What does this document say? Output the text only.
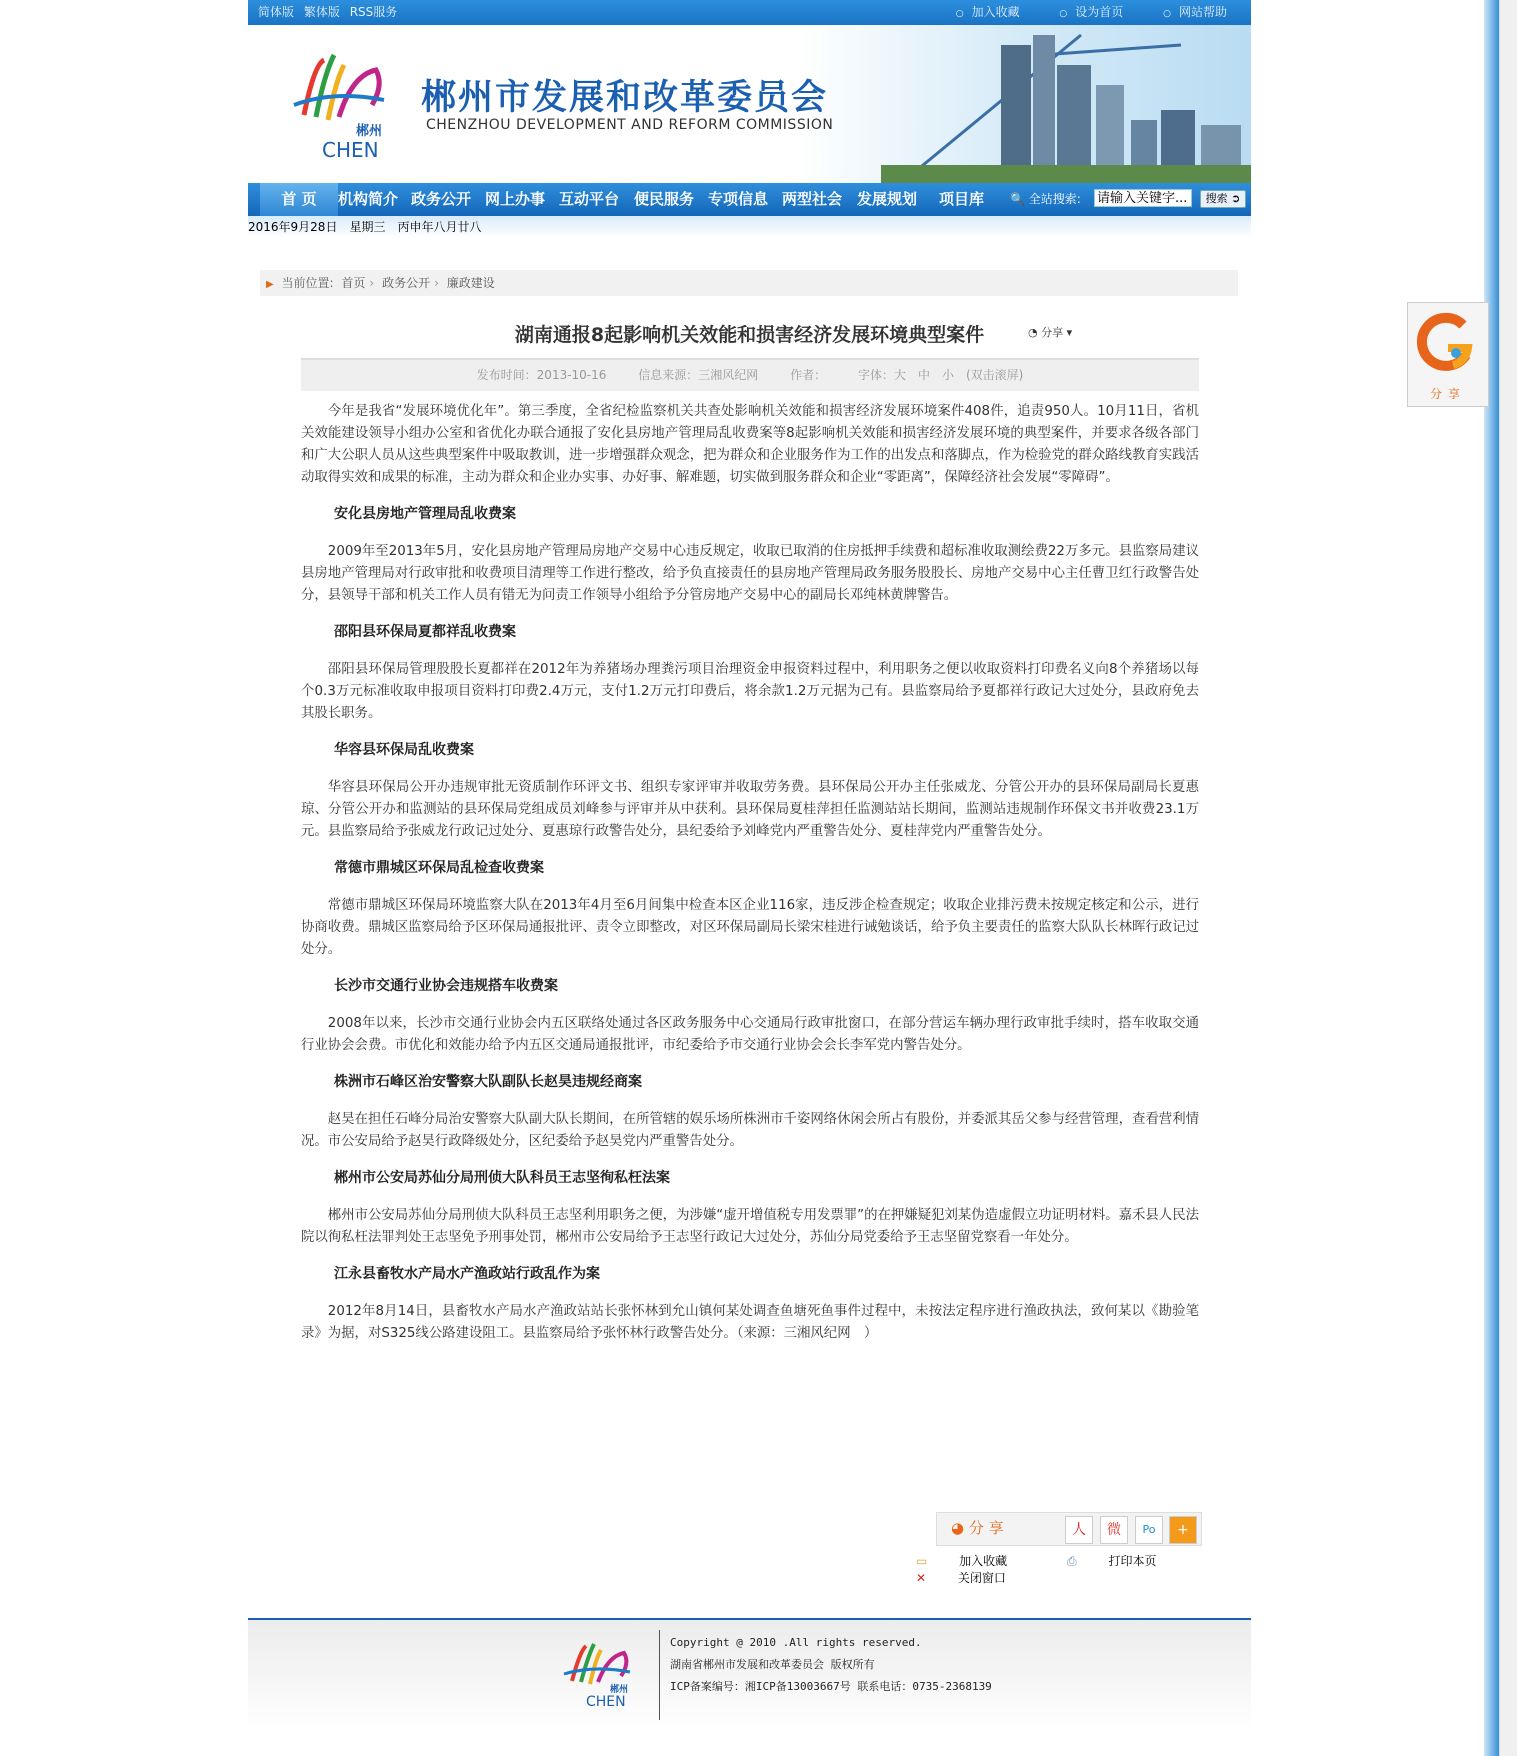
简体版 繁体版 RSS服务	○ 加入收藏	○ 设为首页	○ 网站帮助
郴州
CHEN
郴州市发展和改革委员会
CHENZHOU DEVELOPMENT AND REFORM COMMISSION
首 页	机构简介 政务公开 网上办事 互动平台 便民服务 专项信息 两型社会 发展规划 项目库 🔍 全站搜索: 请输入关键字...	搜索 ➲
2016年9月28日　星期三　丙申年八月廿八
▶ 当前位置: 首页 › 政务公开 › 廉政建设
湖南通报8起影响机关效能和损害经济发展环境典型案件	◔ 分享 ▾
发布时间：2013-10-16	信息来源：三湘风纪网	作者：	字体：大　中　小　(双击滚屏)

今年是我省“发展环境优化年”。第三季度，全省纪检监察机关共查处影响机关效能和损害经济发展环境案件408件，追责950人。10月11日，省机关效能建设领导小组办公室和省优化办联合通报了安化县房地产管理局乱收费案等8起影响机关效能和损害经济发展环境的典型案件，并要求各级各部门和广大公职人员从这些典型案件中吸取教训，进一步增强群众观念，把为群众和企业服务作为工作的出发点和落脚点，作为检验党的群众路线教育实践活动取得实效和成果的标准，主动为群众和企业办实事、办好事、解难题，切实做到服务群众和企业“零距离”，保障经济社会发展“零障碍”。

安化县房地产管理局乱收费案

2009年至2013年5月，安化县房地产管理局房地产交易中心违反规定，收取已取消的住房抵押手续费和超标准收取测绘费22万多元。县监察局建议县房地产管理局对行政审批和收费项目清理等工作进行整改，给予负直接责任的县房地产管理局政务服务股股长、房地产交易中心主任曹卫红行政警告处分，县领导干部和机关工作人员有错无为问责工作领导小组给予分管房地产交易中心的副局长邓纯林黄牌警告。

邵阳县环保局夏都祥乱收费案

邵阳县环保局管理股股长夏都祥在2012年为养猪场办理粪污项目治理资金申报资料过程中，利用职务之便以收取资料打印费名义向8个养猪场以每个0.3万元标准收取申报项目资料打印费2.4万元，支付1.2万元打印费后，将余款1.2万元据为己有。县监察局给予夏都祥行政记大过处分，县政府免去其股长职务。

华容县环保局乱收费案

华容县环保局公开办违规审批无资质制作环评文书、组织专家评审并收取劳务费。县环保局公开办主任张威龙、分管公开办的县环保局副局长夏惠琼、分管公开办和监测站的县环保局党组成员刘峰参与评审并从中获利。县环保局夏桂萍担任监测站站长期间，监测站违规制作环保文书并收费23.1万元。县监察局给予张威龙行政记过处分、夏惠琼行政警告处分，县纪委给予刘峰党内严重警告处分、夏桂萍党内严重警告处分。

常德市鼎城区环保局乱检查收费案

常德市鼎城区环保局环境监察大队在2013年4月至6月间集中检查本区企业116家，违反涉企检查规定；收取企业排污费未按规定核定和公示，进行协商收费。鼎城区监察局给予区环保局通报批评、责令立即整改，对区环保局副局长梁宋桂进行诫勉谈话，给予负主要责任的监察大队队长林晖行政记过处分。

长沙市交通行业协会违规搭车收费案

2008年以来，长沙市交通行业协会内五区联络处通过各区政务服务中心交通局行政审批窗口，在部分营运车辆办理行政审批手续时，搭车收取交通行业协会会费。市优化和效能办给予内五区交通局通报批评，市纪委给予市交通行业协会会长李军党内警告处分。

株洲市石峰区治安警察大队副队长赵昊违规经商案

赵昊在担任石峰分局治安警察大队副大队长期间，在所管辖的娱乐场所株洲市千姿网络休闲会所占有股份，并委派其岳父参与经营管理，查看营利情况。市公安局给予赵昊行政降级处分，区纪委给予赵昊党内严重警告处分。

郴州市公安局苏仙分局刑侦大队科员王志坚徇私枉法案

郴州市公安局苏仙分局刑侦大队科员王志坚利用职务之便，为涉嫌“虚开增值税专用发票罪”的在押嫌疑犯刘某伪造虚假立功证明材料。嘉禾县人民法院以徇私枉法罪判处王志坚免予刑事处罚，郴州市公安局给予王志坚行政记大过处分，苏仙分局党委给予王志坚留党察看一年处分。

江永县畜牧水产局水产渔政站行政乱作为案

2012年8月14日，县畜牧水产局水产渔政站站长张怀林到允山镇何某处调查鱼塘死鱼事件过程中，未按法定程序进行渔政执法，致何某以《勘验笔录》为据，对S325线公路建设阻工。县监察局给予张怀林行政警告处分。（来源：三湘风纪网　）

◕ 分 享	人	微	Po	+
▭	加入收藏	⎙	打印本页 ✕	关闭窗口
郴州
CHEN
Copyright @ 2010 .All rights reserved.
湖南省郴州市发展和改革委员会 版权所有
ICP备案编号：湘ICP备13003667号 联系电话：0735-2368139
分享
